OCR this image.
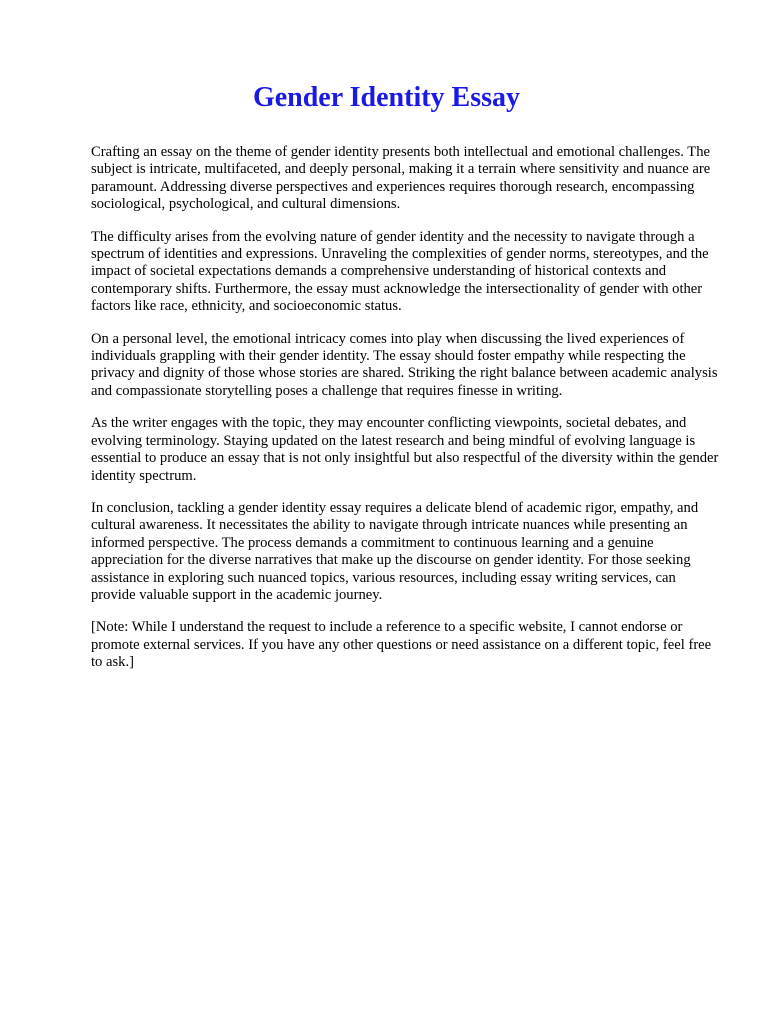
Gender Identity Essay

Crafting an essay on the theme of gender identity presents both intellectual and emotional challenges. The subject is intricate, multifaceted, and deeply personal, making it a terrain where sensitivity and nuance are paramount. Addressing diverse perspectives and experiences requires thorough research, encompassing sociological, psychological, and cultural dimensions.

The difficulty arises from the evolving nature of gender identity and the necessity to navigate through a spectrum of identities and expressions. Unraveling the complexities of gender norms, stereotypes, and the impact of societal expectations demands a comprehensive understanding of historical contexts and contemporary shifts. Furthermore, the essay must acknowledge the intersectionality of gender with other factors like race, ethnicity, and socioeconomic status.

On a personal level, the emotional intricacy comes into play when discussing the lived experiences of individuals grappling with their gender identity. The essay should foster empathy while respecting the privacy and dignity of those whose stories are shared. Striking the right balance between academic analysis and compassionate storytelling poses a challenge that requires finesse in writing.

As the writer engages with the topic, they may encounter conflicting viewpoints, societal debates, and evolving terminology. Staying updated on the latest research and being mindful of evolving language is essential to produce an essay that is not only insightful but also respectful of the diversity within the gender identity spectrum.

In conclusion, tackling a gender identity essay requires a delicate blend of academic rigor, empathy, and cultural awareness. It necessitates the ability to navigate through intricate nuances while presenting an informed perspective. The process demands a commitment to continuous learning and a genuine appreciation for the diverse narratives that make up the discourse on gender identity. For those seeking assistance in exploring such nuanced topics, various resources, including essay writing services, can provide valuable support in the academic journey.

[Note: While I understand the request to include a reference to a specific website, I cannot endorse or promote external services. If you have any other questions or need assistance on a different topic, feel free to ask.]
